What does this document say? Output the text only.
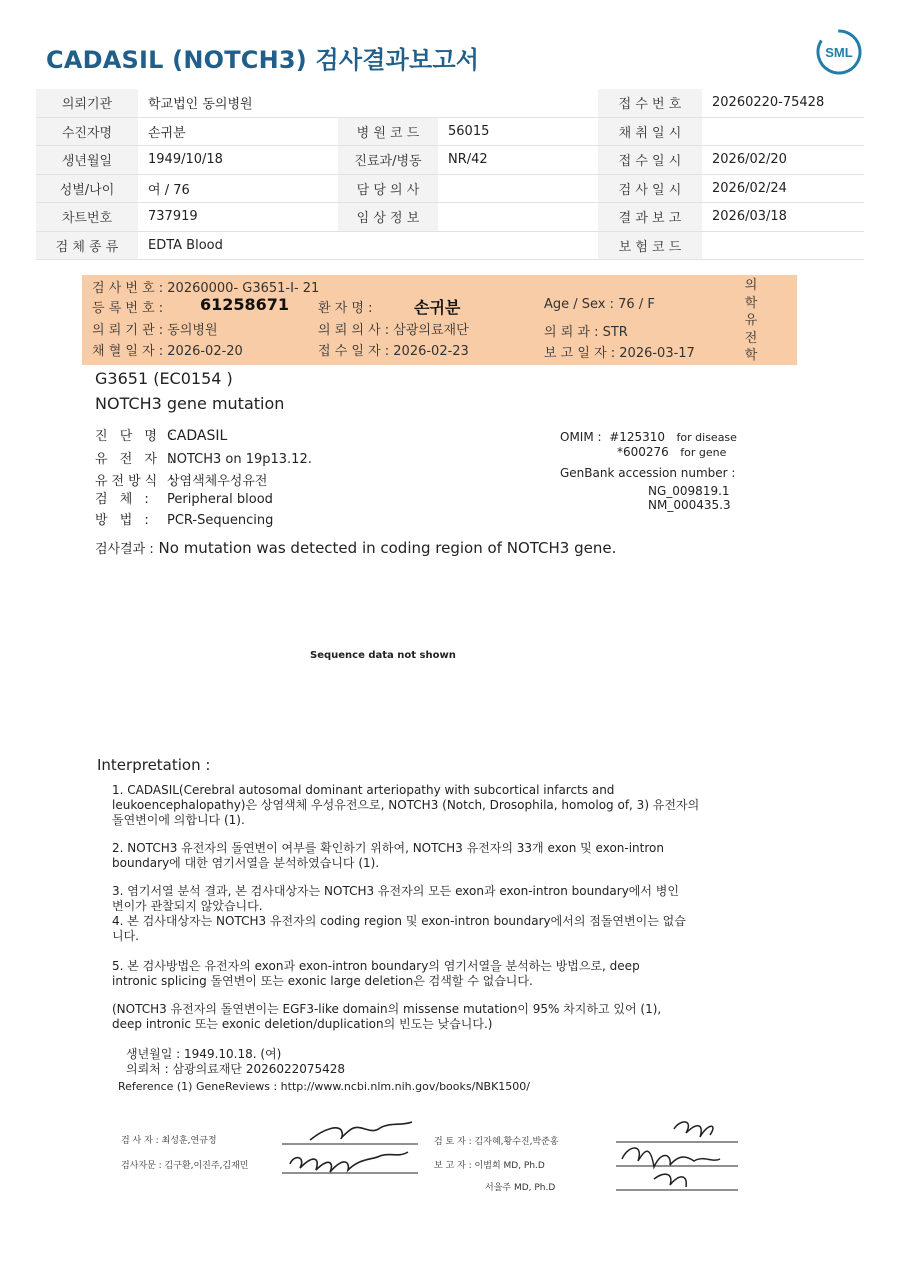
CADASIL (NOTCH3) 검사결과보고서	SML
의뢰기관	학교법인 동의병원			접 수 번 호	20260220-75428
수진자명	손귀분	병 원 코 드	56015	채 취 일 시	
생년월일	1949/10/18	진료과/병동	NR/42	접 수 일 시	2026/02/20
성별/나이	여 / 76	담 당 의 사		검 사 일 시	2026/02/24
차트번호	737919	임 상 정 보		결 과 보 고	2026/03/18
검 체 종 류	EDTA Blood			보 험 코 드	
검 사 번 호 : 20260000- G3651-I- 21
등 록 번 호 : 61258671 환 자 명 :	손귀분	Age / Sex : 76 / F
의 뢰 기 관 : 동의병원	의 뢰 의 사 : 삼광의료재단	의 뢰 과 : STR
채 혈 일 자 : 2026-02-20	접 수 일 자 : 2026-02-23	보 고 일 자 : 2026-03-17
의
학
유
전
학
G3651 (EC0154 )
NOTCH3 gene mutation
진 단 명 :CADASIL
유 전 자 :NOTCH3 on 19p13.12.
유전방식 :상염색체우성유전
검 체 : Peripheral blood
방 법 : PCR-Sequencing
OMIM : #125310 for disease
*600276 for gene
GenBank accession number :
NG_009819.1
NM_000435.3
검사결과 : No mutation was detected in coding region of NOTCH3 gene.
Sequence data not shown
Interpretation :
1. CADASIL(Cerebral autosomal dominant arteriopathy with subcortical infarcts and
leukoencephalopathy)은 상염색체 우성유전으로, NOTCH3 (Notch, Drosophila, homolog of, 3) 유전자의
돌연변이에 의합니다 (1).
2. NOTCH3 유전자의 돌연변이 여부를 확인하기 위하여, NOTCH3 유전자의 33개 exon 및 exon-intron
boundary에 대한 염기서열을 분석하였습니다 (1).
3. 염기서열 분석 결과, 본 검사대상자는 NOTCH3 유전자의 모든 exon과 exon-intron boundary에서 병인
변이가 관찰되지 않았습니다.
4. 본 검사대상자는 NOTCH3 유전자의 coding region 및 exon-intron boundary에서의 점돌연변이는 없습
니다.
5. 본 검사방법은 유전자의 exon과 exon-intron boundary의 염기서열을 분석하는 방법으로, deep
intronic splicing 돌연변이 또는 exonic large deletion은 검색할 수 없습니다.
(NOTCH3 유전자의 돌연변이는 EGF3-like domain의 missense mutation이 95% 차지하고 있어 (1),
deep intronic 또는 exonic deletion/duplication의 빈도는 낮습니다.)
생년월일 : 1949.10.18. (여)
의뢰처 : 삼광의료재단 2026022075428
Reference (1) GeneReviews : http://www.ncbi.nlm.nih.gov/books/NBK1500/
검 사 자 : 최성훈,연규정
검사자문 : 김구환,이진주,김재민
검 토 자 : 김자혜,황수진,박준홍
보 고 자 : 이범희 MD, Ph.D
서을주 MD, Ph.D
